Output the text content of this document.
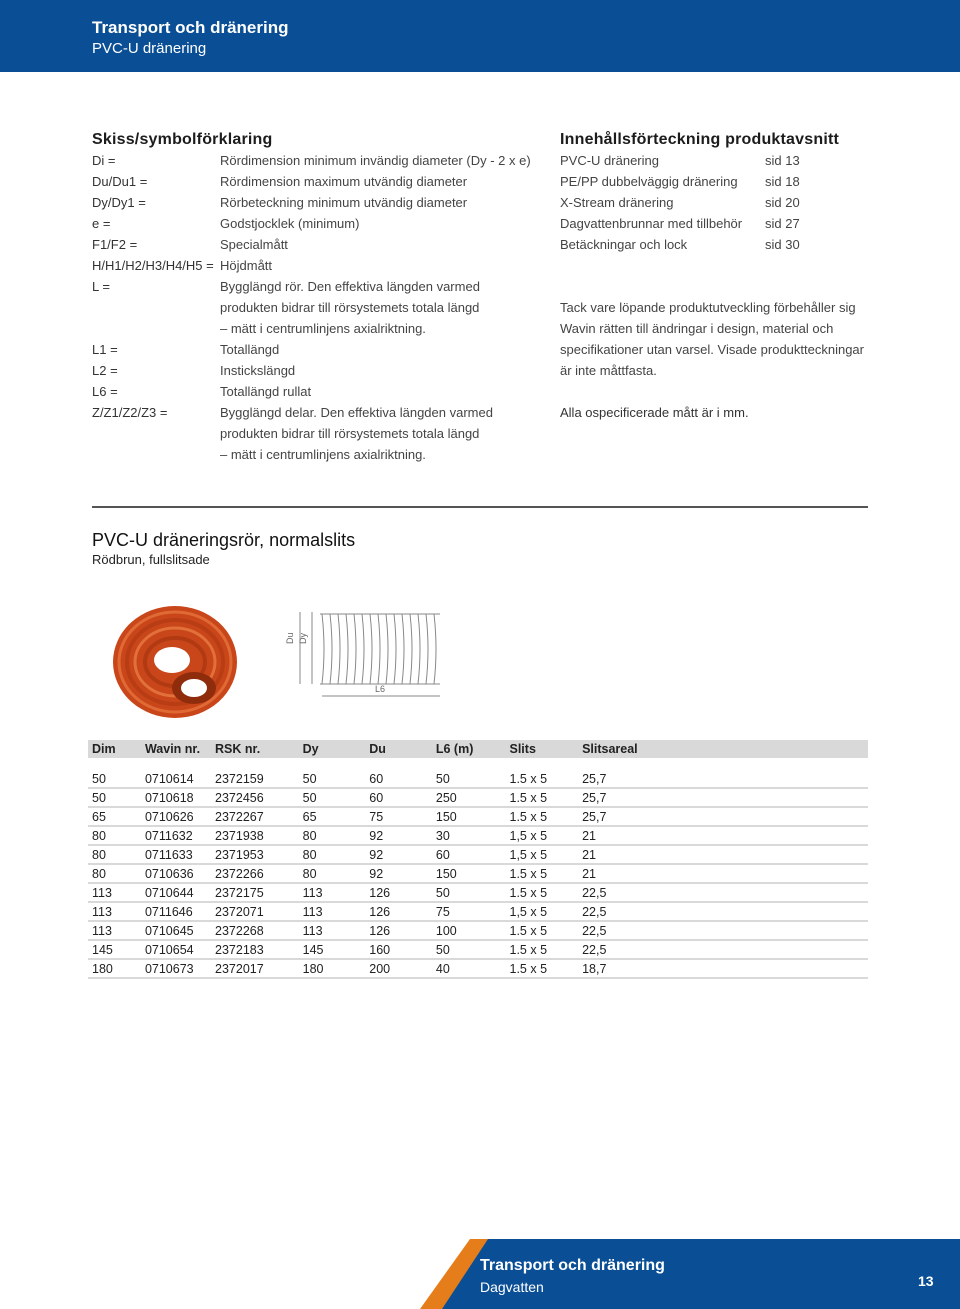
Transport och dränering
PVC-U dränering
Skiss/symbolförklaring
Di =	Rördimension minimum invändig diameter (Dy - 2 x e)
Du/Du1 =	Rördimension maximum utvändig diameter
Dy/Dy1 =	Rörbeteckning minimum utvändig diameter
e =	Godstjocklek (minimum)
F1/F2 =	Specialmått
H/H1/H2/H3/H4/H5 = Höjdmått
L =	Bygglängd rör. Den effektiva längden varmed
produkten bidrar till rörsystemets totala längd
– mätt i centrumlinjens axialriktning.
L1 =	Totallängd
L2 =	Instickslängd
L6 =	Totallängd rullat
Z/Z1/Z2/Z3 =	Bygglängd delar. Den effektiva längden varmed
produkten bidrar till rörsystemets totala längd
– mätt i centrumlinjens axialriktning.
Innehållsförteckning produktavsnitt
PVC-U dränering	sid 13
PE/PP dubbelväggig dränering sid 18
X-Stream dränering	sid 20
Dagvattenbrunnar med tillbehör sid 27
Betäckningar och lock	sid 30
Tack vare löpande produktutveckling förbehåller sig
Wavin rätten till ändringar i design, material och
specifikationer utan varsel. Visade produktteckningar
är inte måttfasta.
Alla ospecificerade mått är i mm.
PVC-U dräneringsrör, normalslits
Rödbrun, fullslitsade
Du Dy
L6
Dim	Wavin nr.	RSK nr.	Dy	Du	L6 (m)	Slits	Slitsareal

50	0710614	2372159	50	60	50	1.5 x 5	25,7
50	0710618	2372456	50	60	250	1.5 x 5	25,7
65	0710626	2372267	65	75	150	1.5 x 5	25,7
80	0711632	2371938	80	92	30	1,5 x 5	21
80	0711633	2371953	80	92	60	1,5 x 5	21
80	0710636	2372266	80	92	150	1.5 x 5	21
113	0710644	2372175	113	126	50	1.5 x 5	22,5
113	0711646	2372071	113	126	75	1,5 x 5	22,5
113	0710645	2372268	113	126	100	1.5 x 5	22,5
145	0710654	2372183	145	160	50	1.5 x 5	22,5
180	0710673	2372017	180	200	40	1.5 x 5	18,7
Transport och dränering
Dagvatten	13
